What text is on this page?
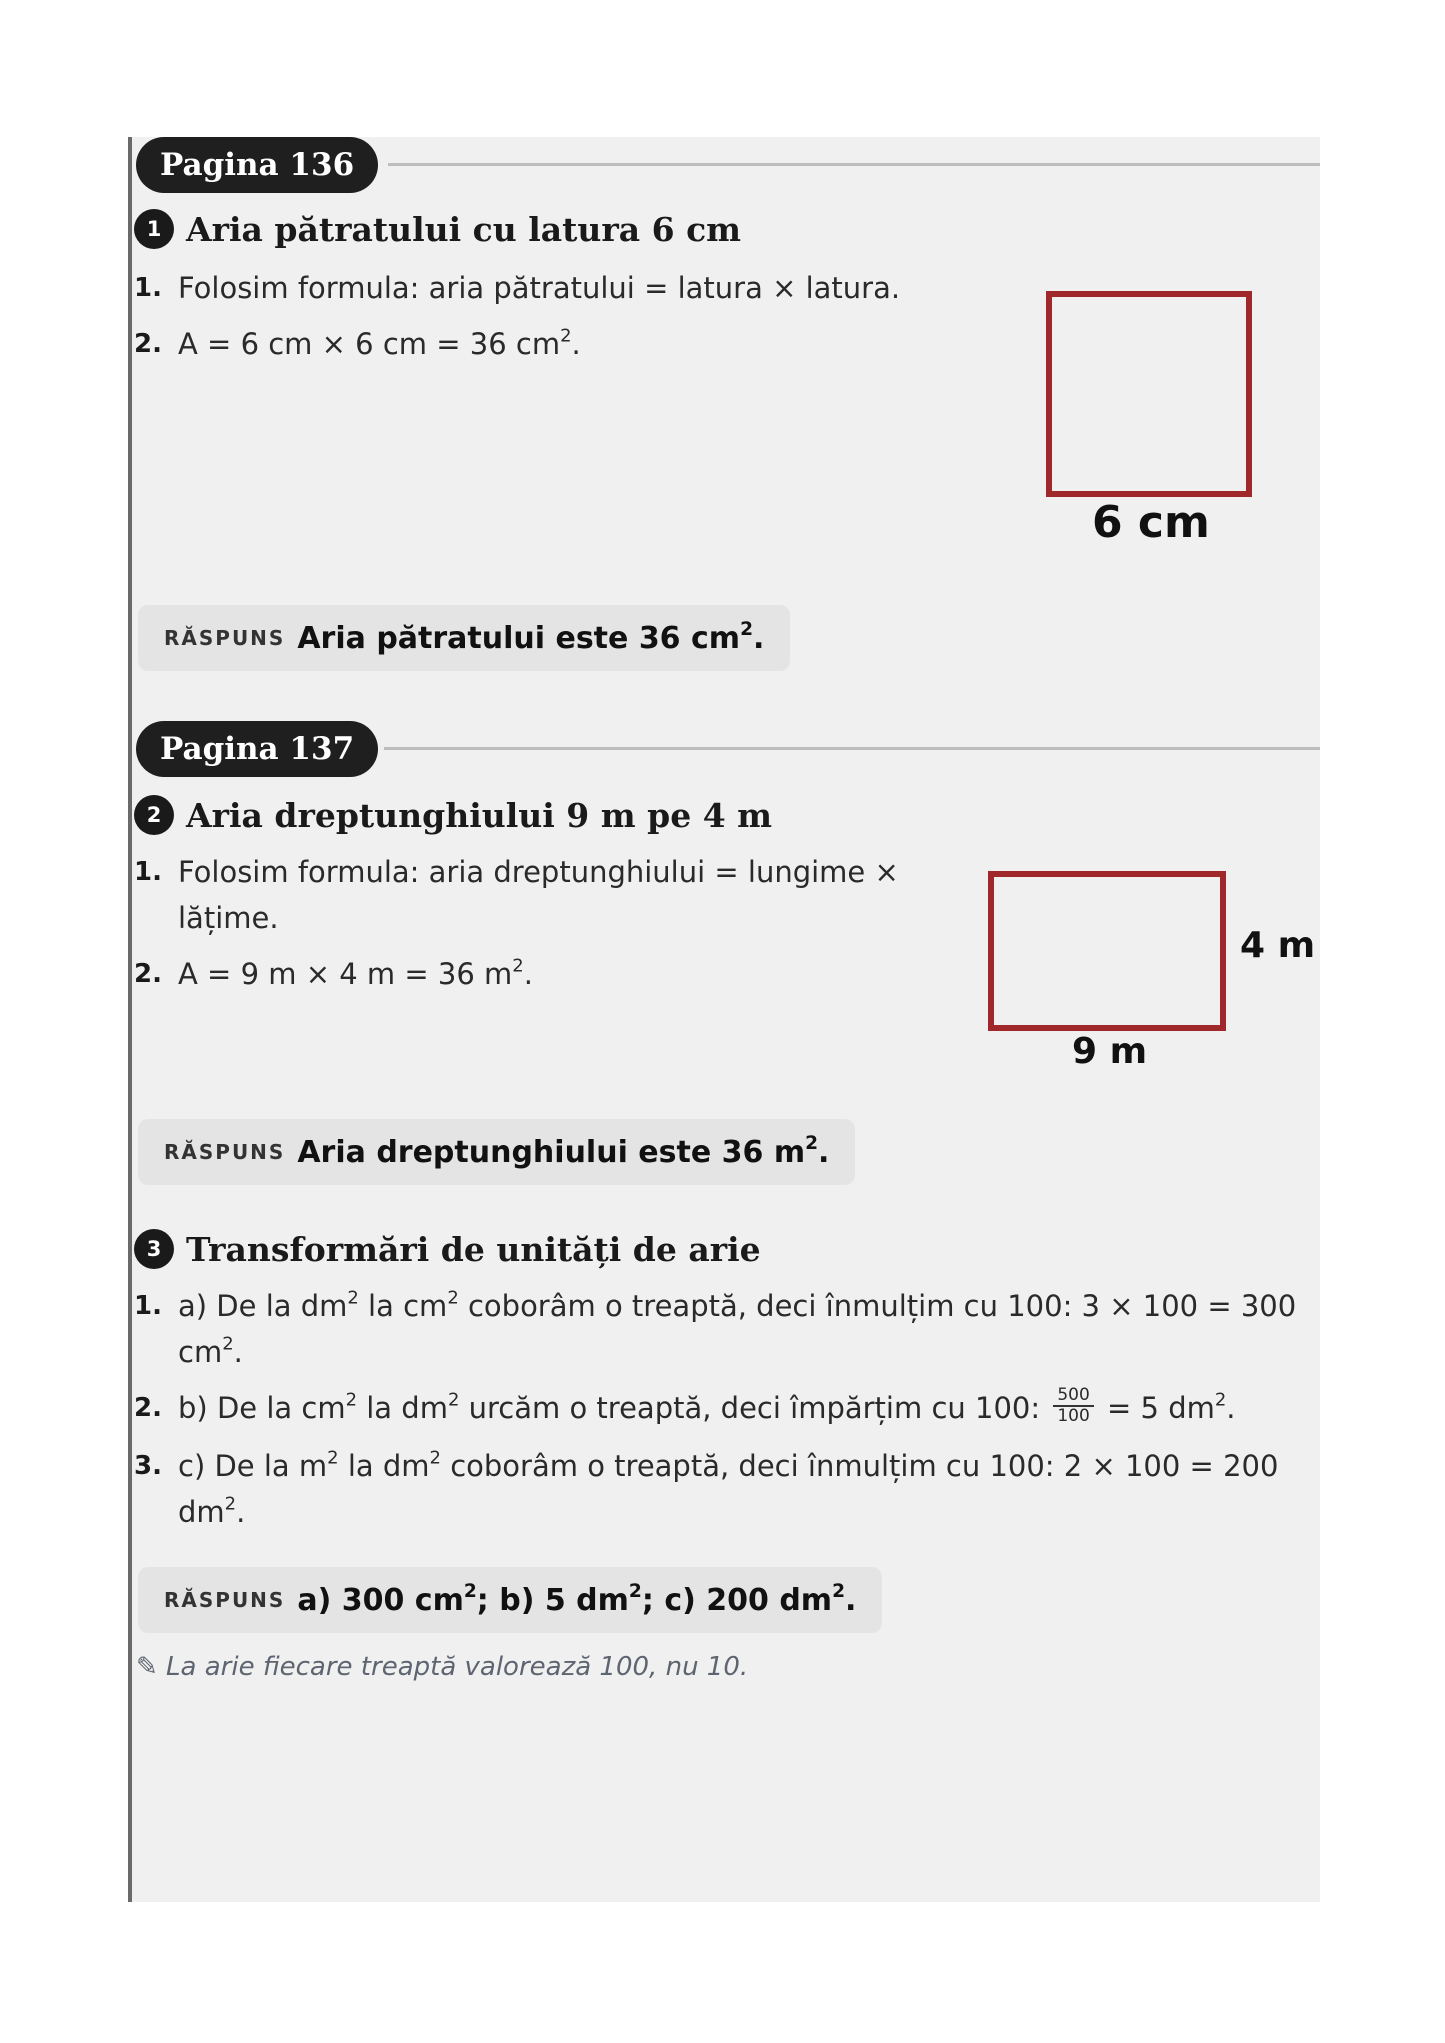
Pagina 136
1 Aria pătratului cu latura 6 cm
1. Folosim formula: aria pătratului = latura × latura.
2. A = 6 cm × 6 cm = 36 $cm^2$.
6 cm
RĂSPUNS Aria pătratului este 36 $cm^2$.
Pagina 137
2 Aria dreptunghiului 9 m pe 4 m
1. Folosim formula: aria dreptunghiului = lungime ×
lățime.
2. A = 9 m × 4 m = 36 $m^2$.
4 m
9 m
RĂSPUNS Aria dreptunghiului este 36 $m^2$.
3 Transformări de unități de arie
1. a) De la $dm^2$ la $cm^2$ coborâm o treaptă, deci înmulțim cu 100: 3 × 100 = 300
$cm^2$.
2. b) De la $cm^2$ la $dm^2$ urcăm o treaptă, deci împărțim cu 100: $\frac{500}{100} = 5$ $dm^2$.
3. c) De la $m^2$ la $dm^2$ coborâm o treaptă, deci înmulțim cu 100: 2 × 100 = 200
$dm^2$.
RĂSPUNS a) 300 $cm^2$; b) 5 $dm^2$; c) 200 $dm^2$.
✎ La arie fiecare treaptă valorează 100, nu 10.
